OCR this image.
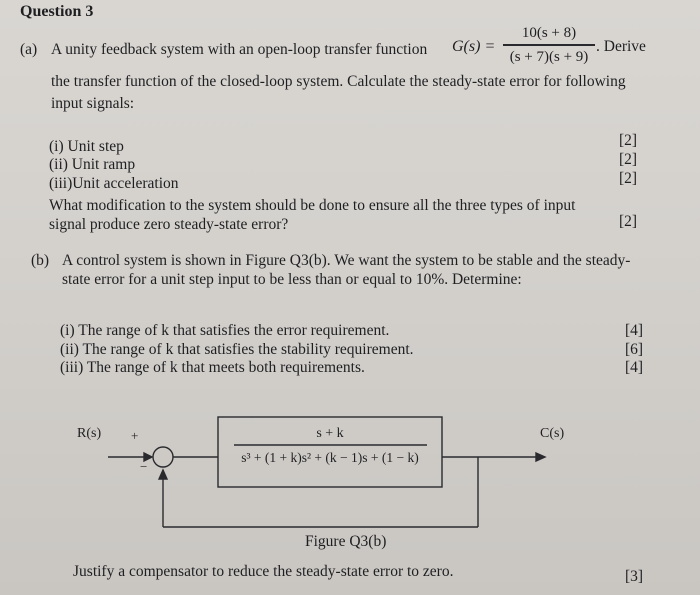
Question 3
(a) A unity feedback system with an open-loop transfer function G(s) =
10(s + 8)
(s + 7)(s + 9)
. Derive
the transfer function of the closed-loop system. Calculate the steady-state error for following
input signals:
(i) Unit step	[2]
(ii) Unit ramp	[2]
(iii)Unit acceleration	[2]
What modification to the system should be done to ensure all the three types of input
signal produce zero steady-state error?	[2]
(b) A control system is shown in Figure Q3(b). We want the system to be stable and the steady-
state error for a unit step input to be less than or equal to 10%. Determine:
(i) The range of k that satisfies the error requirement.	[4]
(ii) The range of k that satisfies the stability requirement.	[6]
(iii) The range of k that meets both requirements.	[4]
R(s) +
−
C(s)
s + k
s³ + (1 + k)s² + (k − 1)s + (1 − k)
Figure Q3(b)
Justify a compensator to reduce the steady-state error to zero.	[3]
